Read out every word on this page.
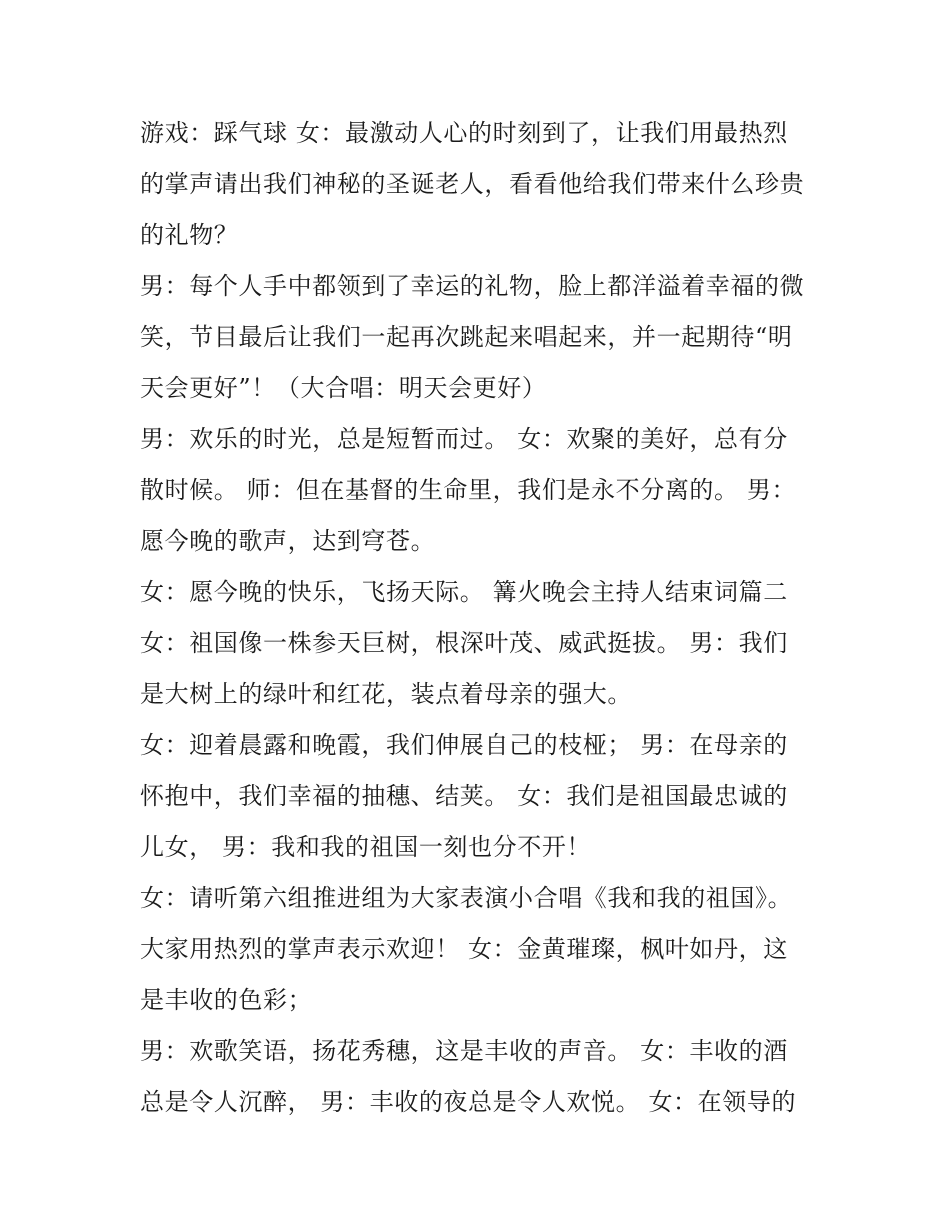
游戏：踩气球 女：最激动人心的时刻到了，让我们用最热烈
的掌声请出我们神秘的圣诞老人，看看他给我们带来什么珍贵
的礼物？
男：每个人手中都领到了幸运的礼物，脸上都洋溢着幸福的微
笑，节目最后让我们一起再次跳起来唱起来，并一起期待“明
天会更好”！（大合唱：明天会更好）
男：欢乐的时光，总是短暂而过。 女：欢聚的美好，总有分
散时候。 师：但在基督的生命里，我们是永不分离的。 男：
愿今晚的歌声，达到穹苍。
女：愿今晚的快乐，飞扬天际。 篝火晚会主持人结束词篇二
女：祖国像一株参天巨树，根深叶茂、威武挺拔。 男：我们
是大树上的绿叶和红花，装点着母亲的强大。
女：迎着晨露和晚霞，我们伸展自己的枝桠； 男：在母亲的
怀抱中，我们幸福的抽穗、结荚。 女：我们是祖国最忠诚的
儿女， 男：我和我的祖国一刻也分不开！
女：请听第六组推进组为大家表演小合唱《我和我的祖国》。
大家用热烈的掌声表示欢迎！ 女：金黄璀璨，枫叶如丹，这
是丰收的色彩；
男：欢歌笑语，扬花秀穗，这是丰收的声音。 女：丰收的酒
总是令人沉醉， 男：丰收的夜总是令人欢悦。 女：在领导的
